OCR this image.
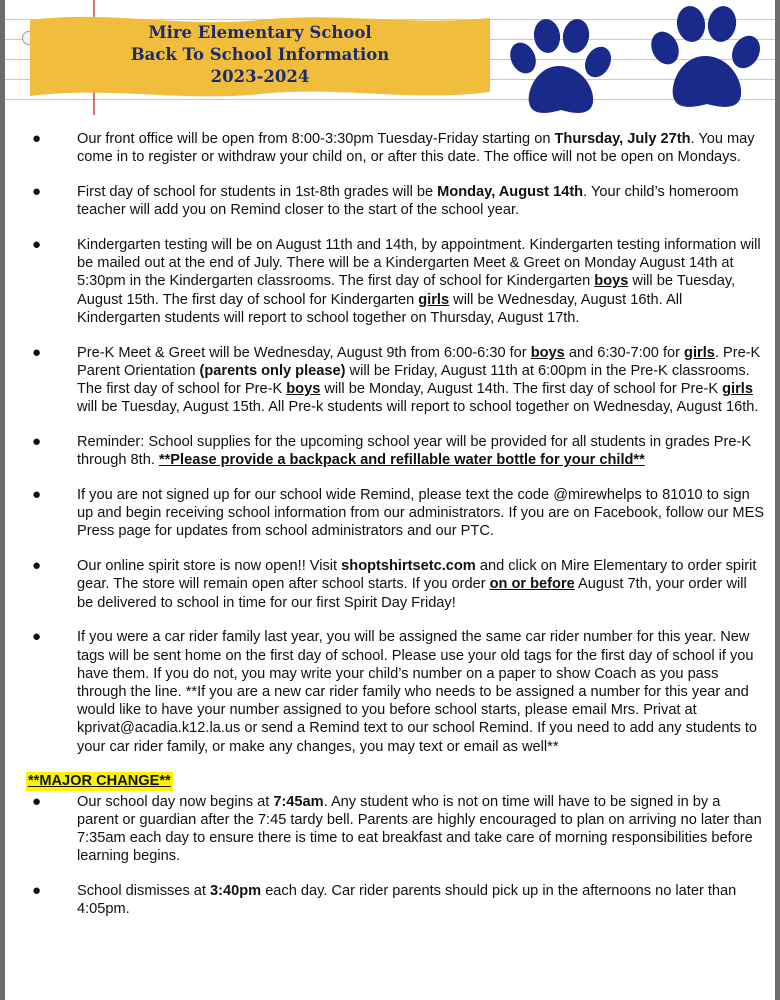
Mire Elementary School
Back To School Information
2023-2024
● Our front office will be open from 8:00-3:30pm Tuesday-Friday starting on Thursday, July 27th. You may come in to register or withdraw your child on, or after this date. The office will not be open on Mondays.
● First day of school for students in 1st-8th grades will be Monday, August 14th. Your child’s homeroom teacher will add you on Remind closer to the start of the school year.
● Kindergarten testing will be on August 11th and 14th, by appointment. Kindergarten testing information will be mailed out at the end of July. There will be a Kindergarten Meet & Greet on Monday August 14th at 5:30pm in the Kindergarten classrooms. The first day of school for Kindergarten boys will be Tuesday, August 15th. The first day of school for Kindergarten girls will be Wednesday, August 16th. All Kindergarten students will report to school together on Thursday, August 17th.
● Pre-K Meet & Greet will be Wednesday, August 9th from 6:00-6:30 for boys and 6:30-7:00 for girls. Pre-K Parent Orientation (parents only please) will be Friday, August 11th at 6:00pm in the Pre-K classrooms. The first day of school for Pre-K boys will be Monday, August 14th. The first day of school for Pre-K girls will be Tuesday, August 15th. All Pre-k students will report to school together on Wednesday, August 16th.
● Reminder: School supplies for the upcoming school year will be provided for all students in grades Pre-K through 8th. **Please provide a backpack and refillable water bottle for your child**
● If you are not signed up for our school wide Remind, please text the code @mirewhelps to 81010 to sign up and begin receiving school information from our administrators. If you are on Facebook, follow our MES Press page for updates from school administrators and our PTC.
● Our online spirit store is now open!! Visit shoptshirtsetc.com and click on Mire Elementary to order spirit gear. The store will remain open after school starts. If you order on or before August 7th, your order will be delivered to school in time for our first Spirit Day Friday!
● If you were a car rider family last year, you will be assigned the same car rider number for this year. New tags will be sent home on the first day of school. Please use your old tags for the first day of school if you have them. If you do not, you may write your child’s number on a paper to show Coach as you pass through the line. **If you are a new car rider family who needs to be assigned a number for this year and would like to have your number assigned to you before school starts, please email Mrs. Privat at kprivat@acadia.k12.la.us or send a Remind text to our school Remind. If you need to add any students to your car rider family, or make any changes, you may text or email as well**
**MAJOR CHANGE**
● Our school day now begins at 7:45am. Any student who is not on time will have to be signed in by a parent or guardian after the 7:45 tardy bell. Parents are highly encouraged to plan on arriving no later than 7:35am each day to ensure there is time to eat breakfast and take care of morning responsibilities before learning begins.
● School dismisses at 3:40pm each day. Car rider parents should pick up in the afternoons no later than 4:05pm.
